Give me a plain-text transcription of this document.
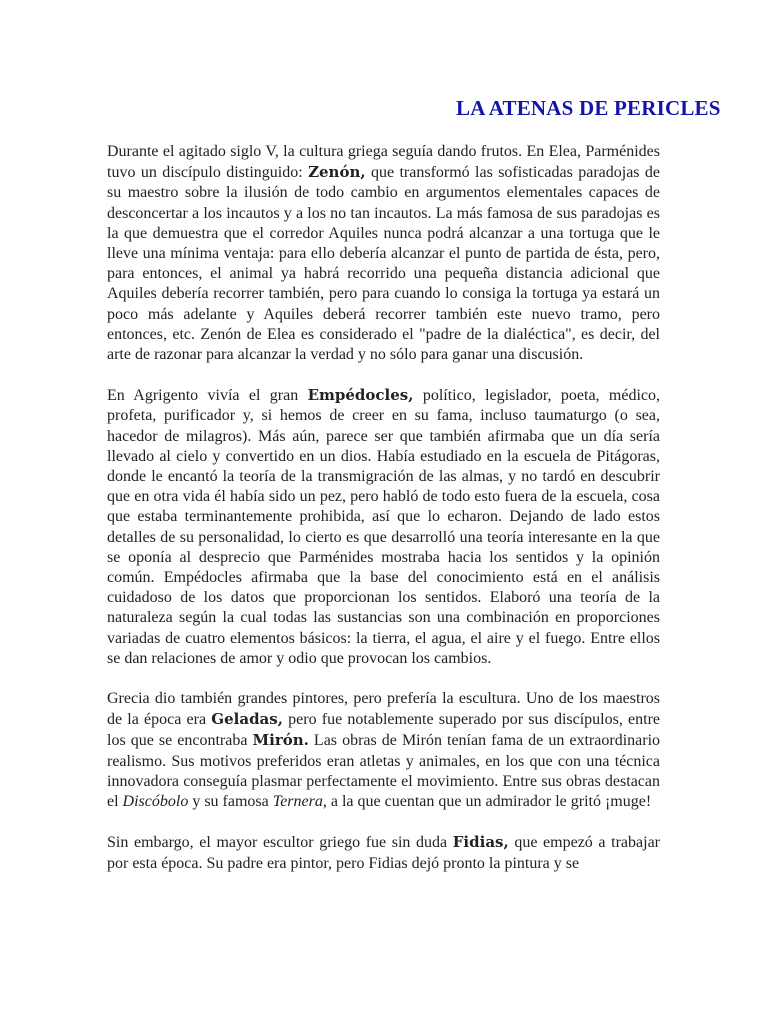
LA ATENAS DE PERICLES

Durante el agitado siglo V, la cultura griega seguía dando frutos. En Elea, Parménides tuvo un discípulo distinguido: Zenón, que transformó las sofisticadas paradojas de su maestro sobre la ilusión de todo cambio en argumentos elementales capaces de desconcertar a los incautos y a los no tan incautos. La más famosa de sus paradojas es la que demuestra que el corredor Aquiles nunca podrá alcanzar a una tortuga que le lleve una mínima ventaja: para ello debería alcanzar el punto de partida de ésta, pero, para entonces, el animal ya habrá recorrido una pequeña distancia adicional que Aquiles debería recorrer también, pero para cuando lo consiga la tortuga ya estará un poco más adelante y Aquiles deberá recorrer también este nuevo tramo, pero entonces, etc. Zenón de Elea es considerado el "padre de la dialéctica", es decir, del arte de razonar para alcanzar la verdad y no sólo para ganar una discusión.

En Agrigento vivía el gran Empédocles, político, legislador, poeta, médico, profeta, purificador y, si hemos de creer en su fama, incluso taumaturgo (o sea, hacedor de milagros). Más aún, parece ser que también afirmaba que un día sería llevado al cielo y convertido en un dios. Había estudiado en la escuela de Pitágoras, donde le encantó la teoría de la transmigración de las almas, y no tardó en descubrir que en otra vida él había sido un pez, pero habló de todo esto fuera de la escuela, cosa que estaba terminantemente prohibida, así que lo echaron. Dejando de lado estos detalles de su personalidad, lo cierto es que desarrolló una teoría interesante en la que se oponía al desprecio que Parménides mostraba hacia los sentidos y la opinión común. Empédocles afirmaba que la base del conocimiento está en el análisis cuidadoso de los datos que proporcionan los sentidos. Elaboró una teoría de la naturaleza según la cual todas las sustancias son una combinación en proporciones variadas de cuatro elementos básicos: la tierra, el agua, el aire y el fuego. Entre ellos se dan relaciones de amor y odio que provocan los cambios.

Grecia dio también grandes pintores, pero prefería la escultura. Uno de los maestros de la época era Geladas, pero fue notablemente superado por sus discípulos, entre los que se encontraba Mirón. Las obras de Mirón tenían fama de un extraordinario realismo. Sus motivos preferidos eran atletas y animales, en los que con una técnica innovadora conseguía plasmar perfectamente el movimiento. Entre sus obras destacan el Discóbolo y su famosa Ternera, a la que cuentan que un admirador le gritó ¡muge!

Sin embargo, el mayor escultor griego fue sin duda Fidias, que empezó a trabajar por esta época. Su padre era pintor, pero Fidias dejó pronto la pintura y se
